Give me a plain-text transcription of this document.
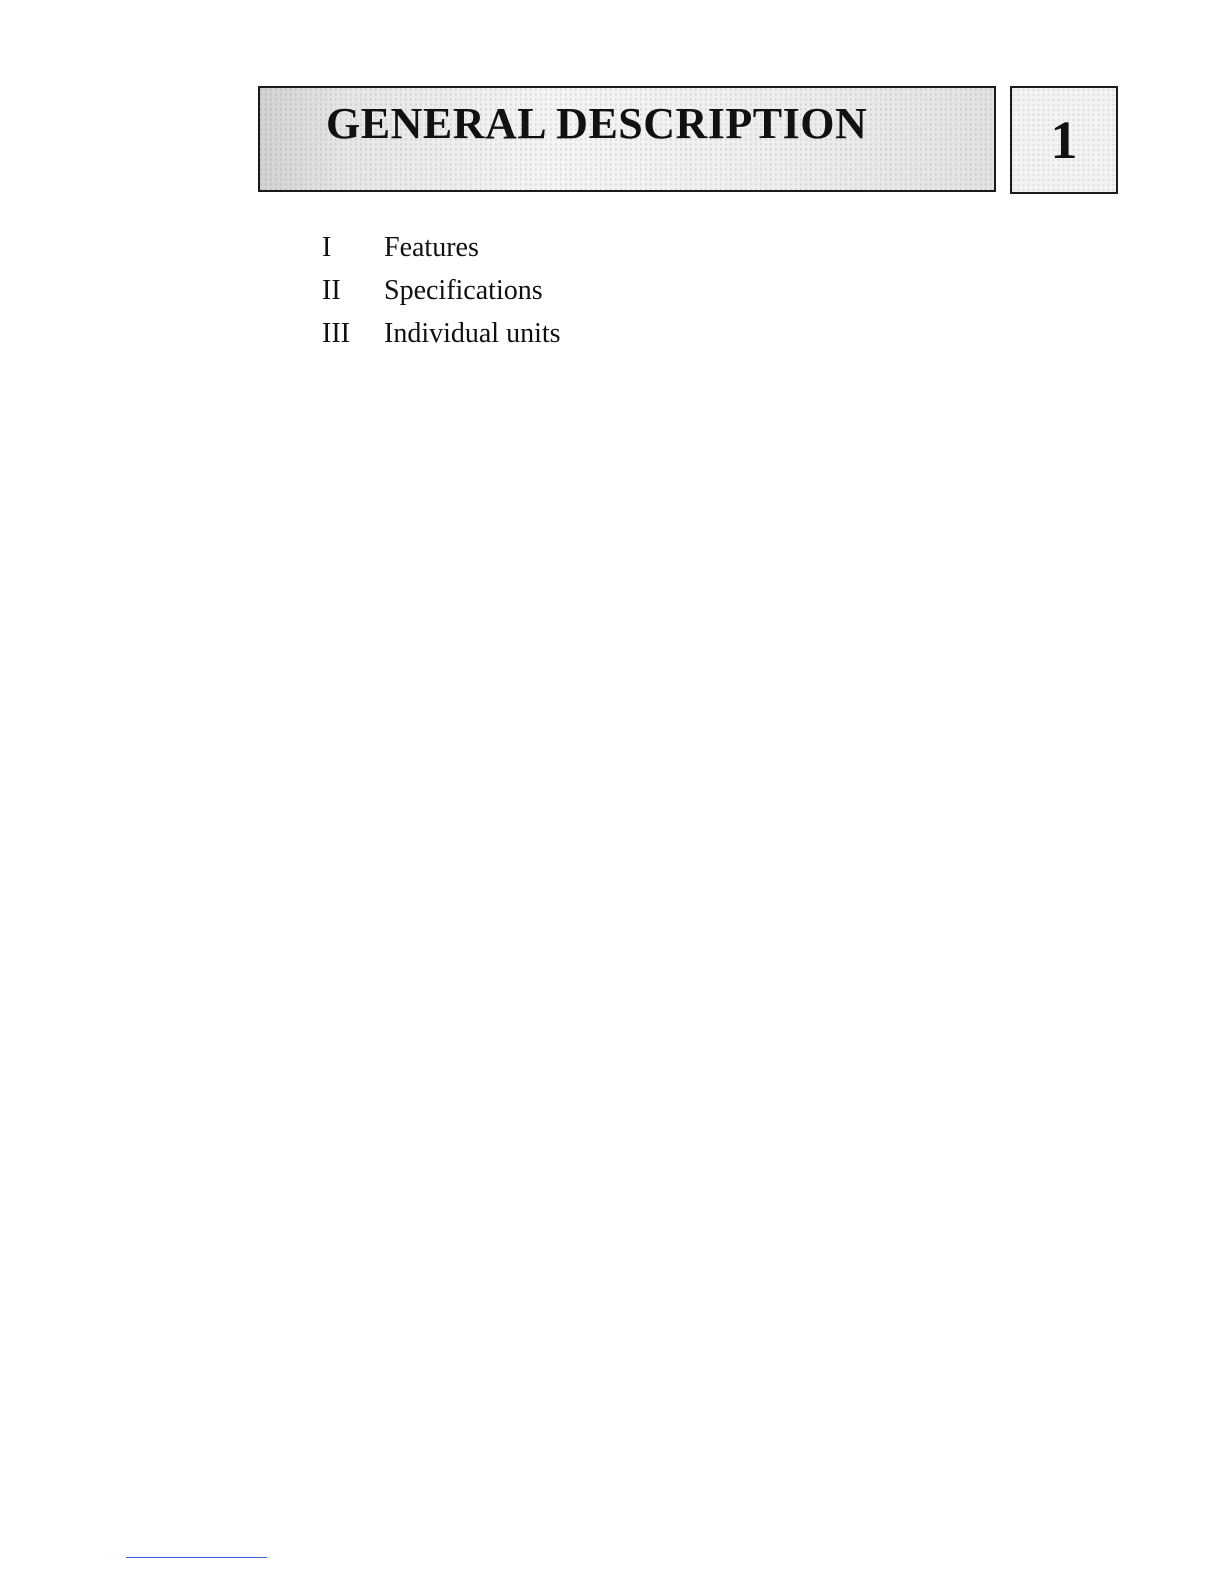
GENERAL DESCRIPTION	1
I	Features
II	Specifications
III	Individual units
